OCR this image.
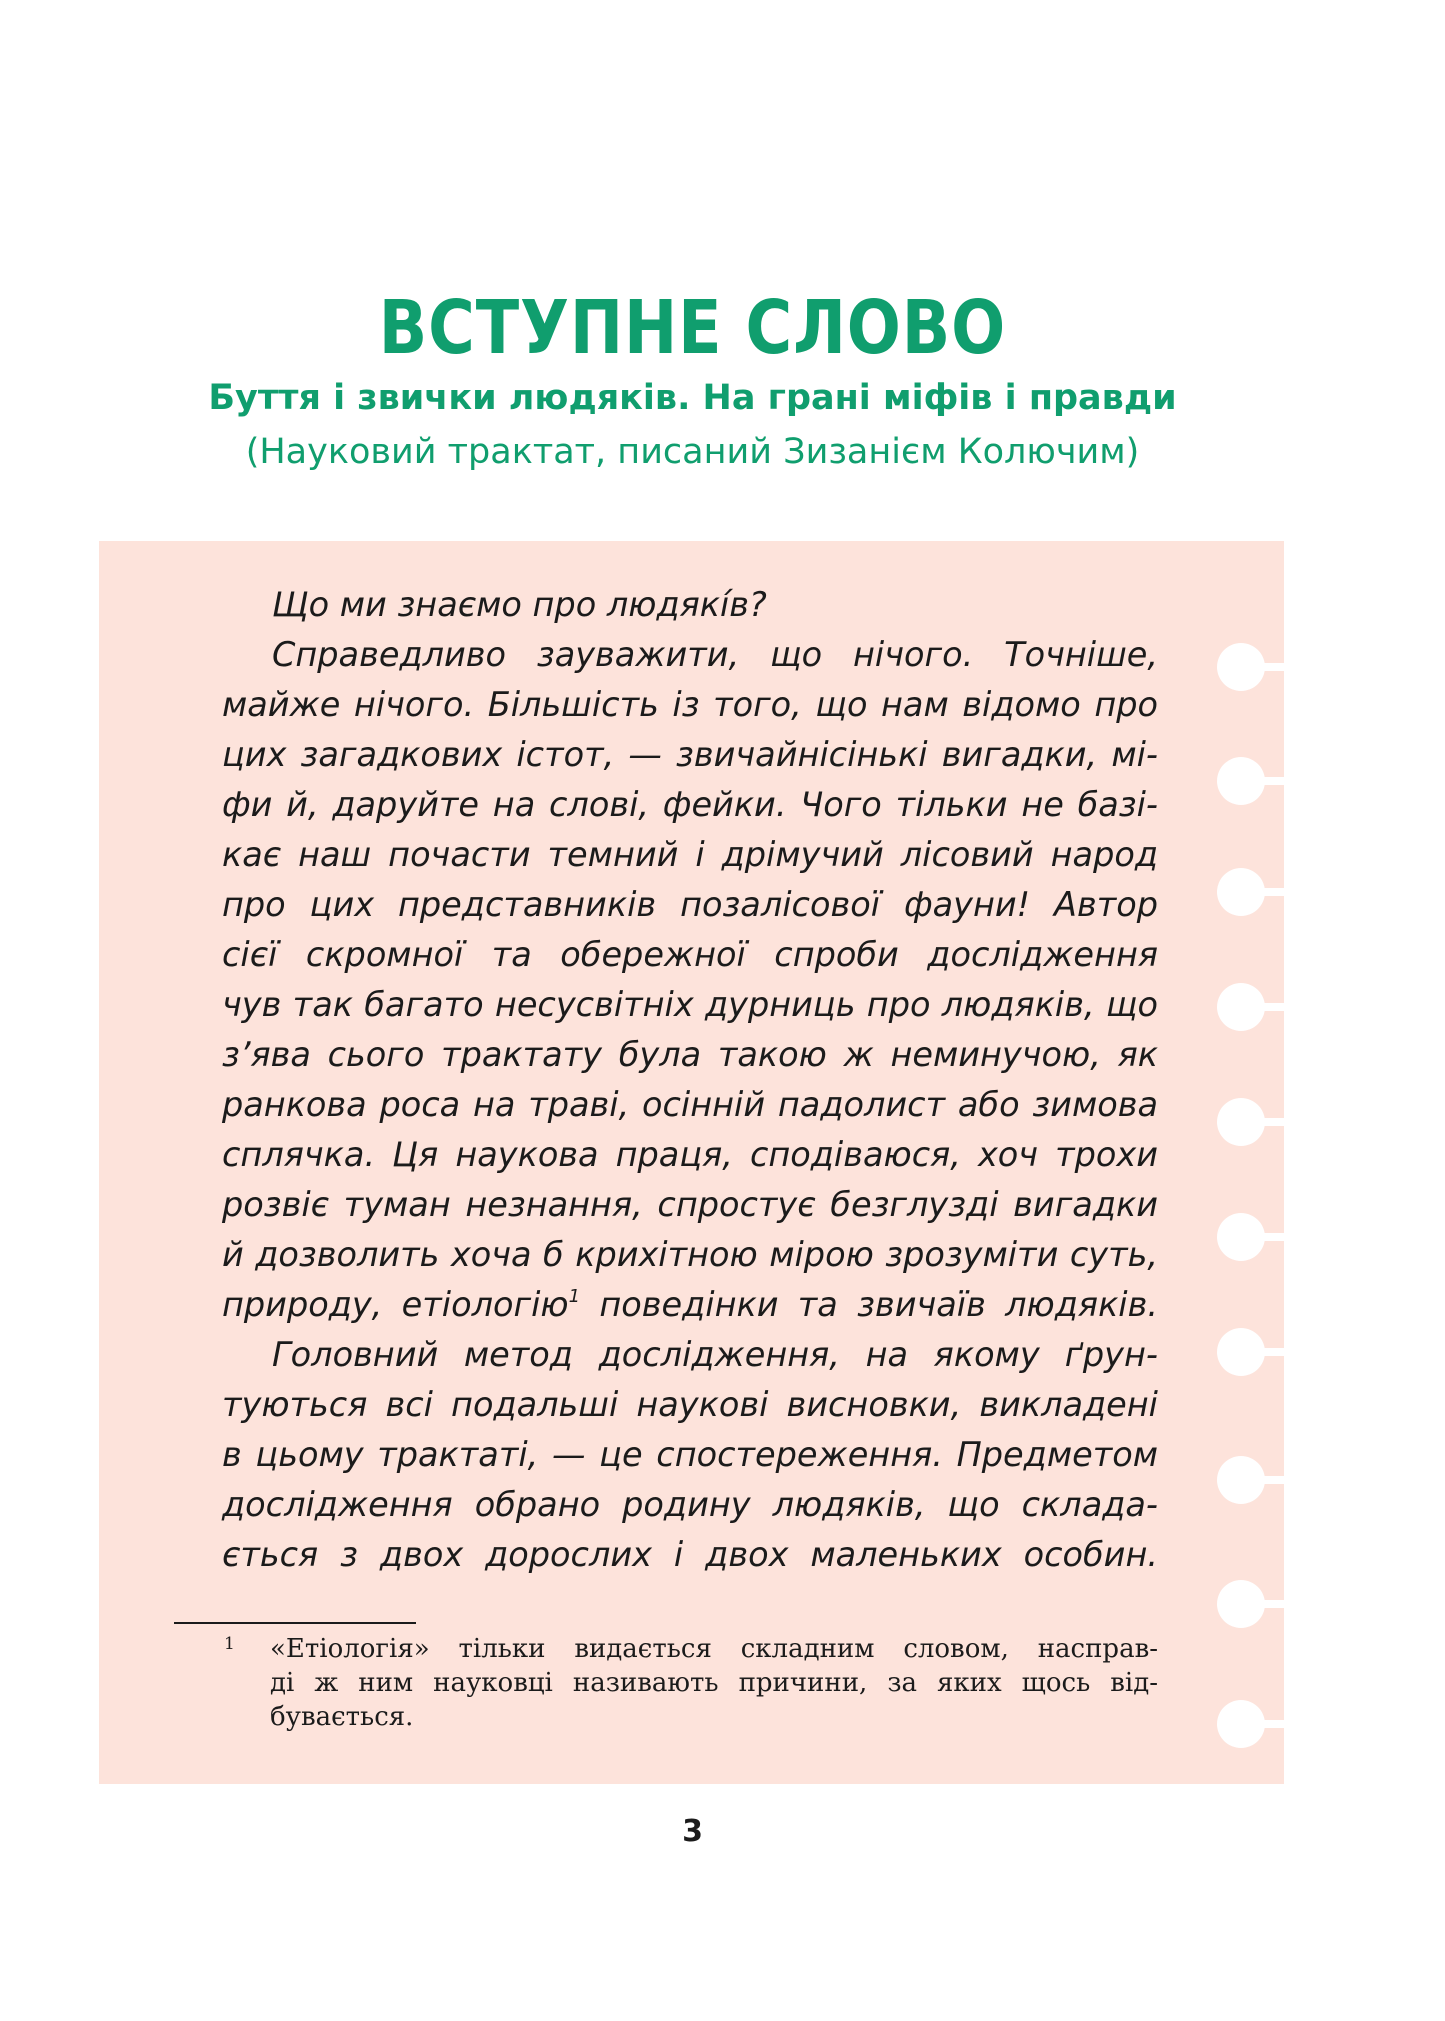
ВСТУПНЕ СЛОВО
Буття і звички людяків. На грані міфів і правди
(Науковий трактат, писаний Зизанієм Колючим)
Що ми знаємо про людякі́в?
Справедливо зауважити, що нічого. Точніше,
майже нічого. Більшість із того, що нам відомо про
цих загадкових істот, — звичайнісінькі вигадки, мі-
фи й, даруйте на слові, фейки. Чого тільки не базі-
кає наш почасти темний і дрімучий лісовий народ
про цих представників позалісової фауни! Автор
сієї скромної та обережної спроби дослідження
чув так багато несусвітніх дурниць про людяків, що
з’ява сього трактату була такою ж неминучою, як
ранкова роса на траві, осінній падолист або зимова
сплячка. Ця наукова праця, сподіваюся, хоч трохи
розвіє туман незнання, спростує безглузді вигадки
й дозволить хоча б крихітною мірою зрозуміти суть,
природу, етіологію$^1$ поведінки та звичаїв людяків.
Головний метод дослідження, на якому ґрун-
туються всі подальші наукові висновки, викладені
в цьому трактаті, — це спостереження. Предметом
дослідження обрано родину людяків, що склада-
ється з двох дорослих і двох маленьких особин.
1 «Етіологія» тільки видається складним словом, насправ-
ді ж ним науковці називають причини, за яких щось від-
бувається.
3
